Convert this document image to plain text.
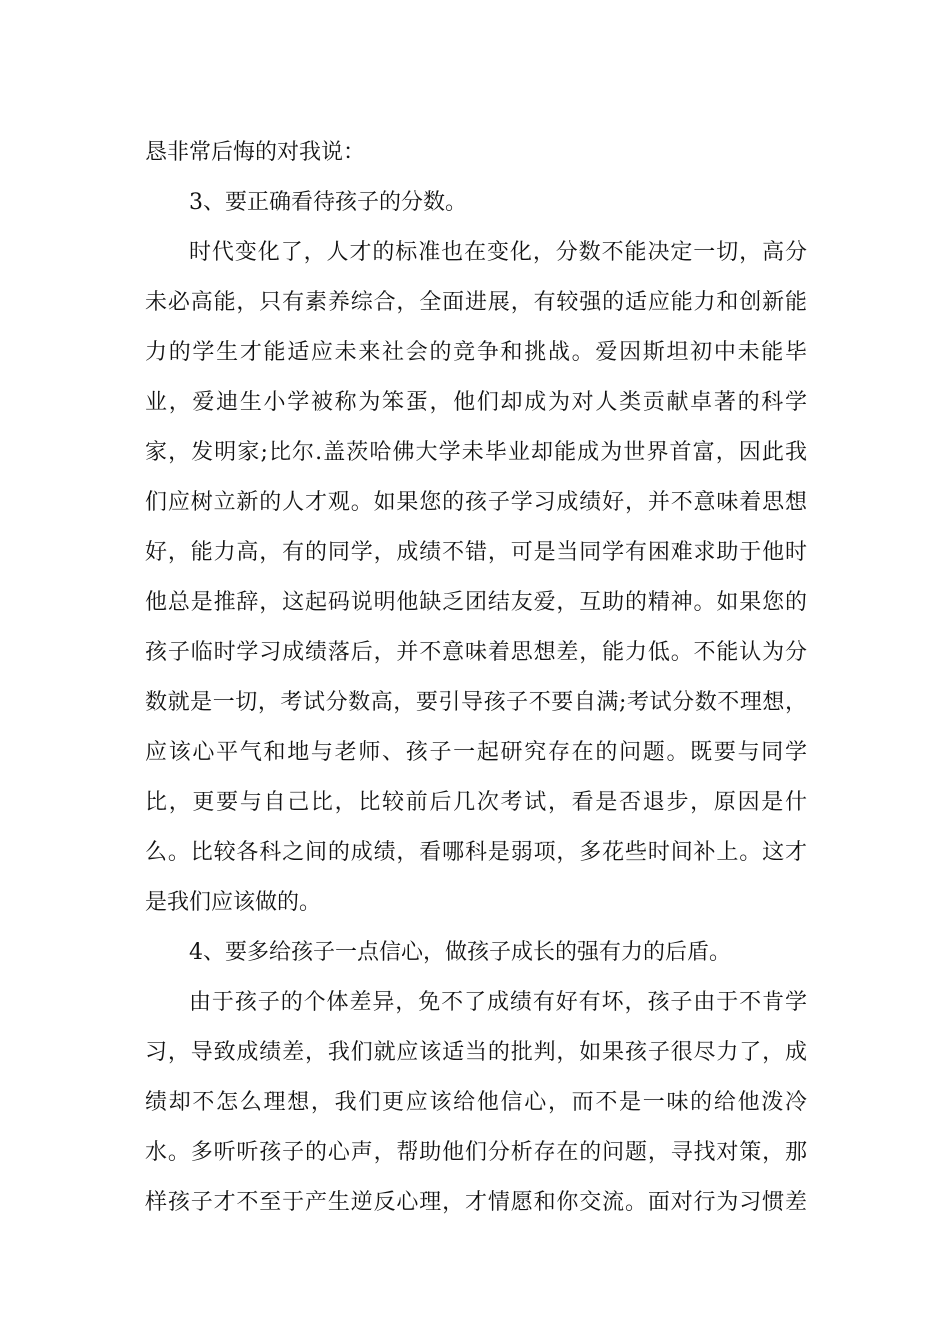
恳非常后悔的对我说：
3、要正确看待孩子的分数。
时代变化了，人才的标准也在变化，分数不能决定一切，高分
未必高能，只有素养综合，全面进展，有较强的适应能力和创新能
力的学生才能适应未来社会的竞争和挑战。爱因斯坦初中未能毕
业，爱迪生小学被称为笨蛋，他们却成为对人类贡献卓著的科学
家，发明家;比尔.盖茨哈佛大学未毕业却能成为世界首富，因此我
们应树立新的人才观。如果您的孩子学习成绩好，并不意味着思想
好，能力高，有的同学，成绩不错，可是当同学有困难求助于他时
他总是推辞，这起码说明他缺乏团结友爱，互助的精神。如果您的
孩子临时学习成绩落后，并不意味着思想差，能力低。不能认为分
数就是一切，考试分数高，要引导孩子不要自满;考试分数不理想，
应该心平气和地与老师、孩子一起研究存在的问题。既要与同学
比，更要与自己比，比较前后几次考试，看是否退步，原因是什
么。比较各科之间的成绩，看哪科是弱项，多花些时间补上。这才
是我们应该做的。
4、要多给孩子一点信心，做孩子成长的强有力的后盾。
由于孩子的个体差异，免不了成绩有好有坏，孩子由于不肯学
习，导致成绩差，我们就应该适当的批判，如果孩子很尽力了，成
绩却不怎么理想，我们更应该给他信心，而不是一味的给他泼冷
水。多听听孩子的心声，帮助他们分析存在的问题，寻找对策，那
样孩子才不至于产生逆反心理，才情愿和你交流。面对行为习惯差
